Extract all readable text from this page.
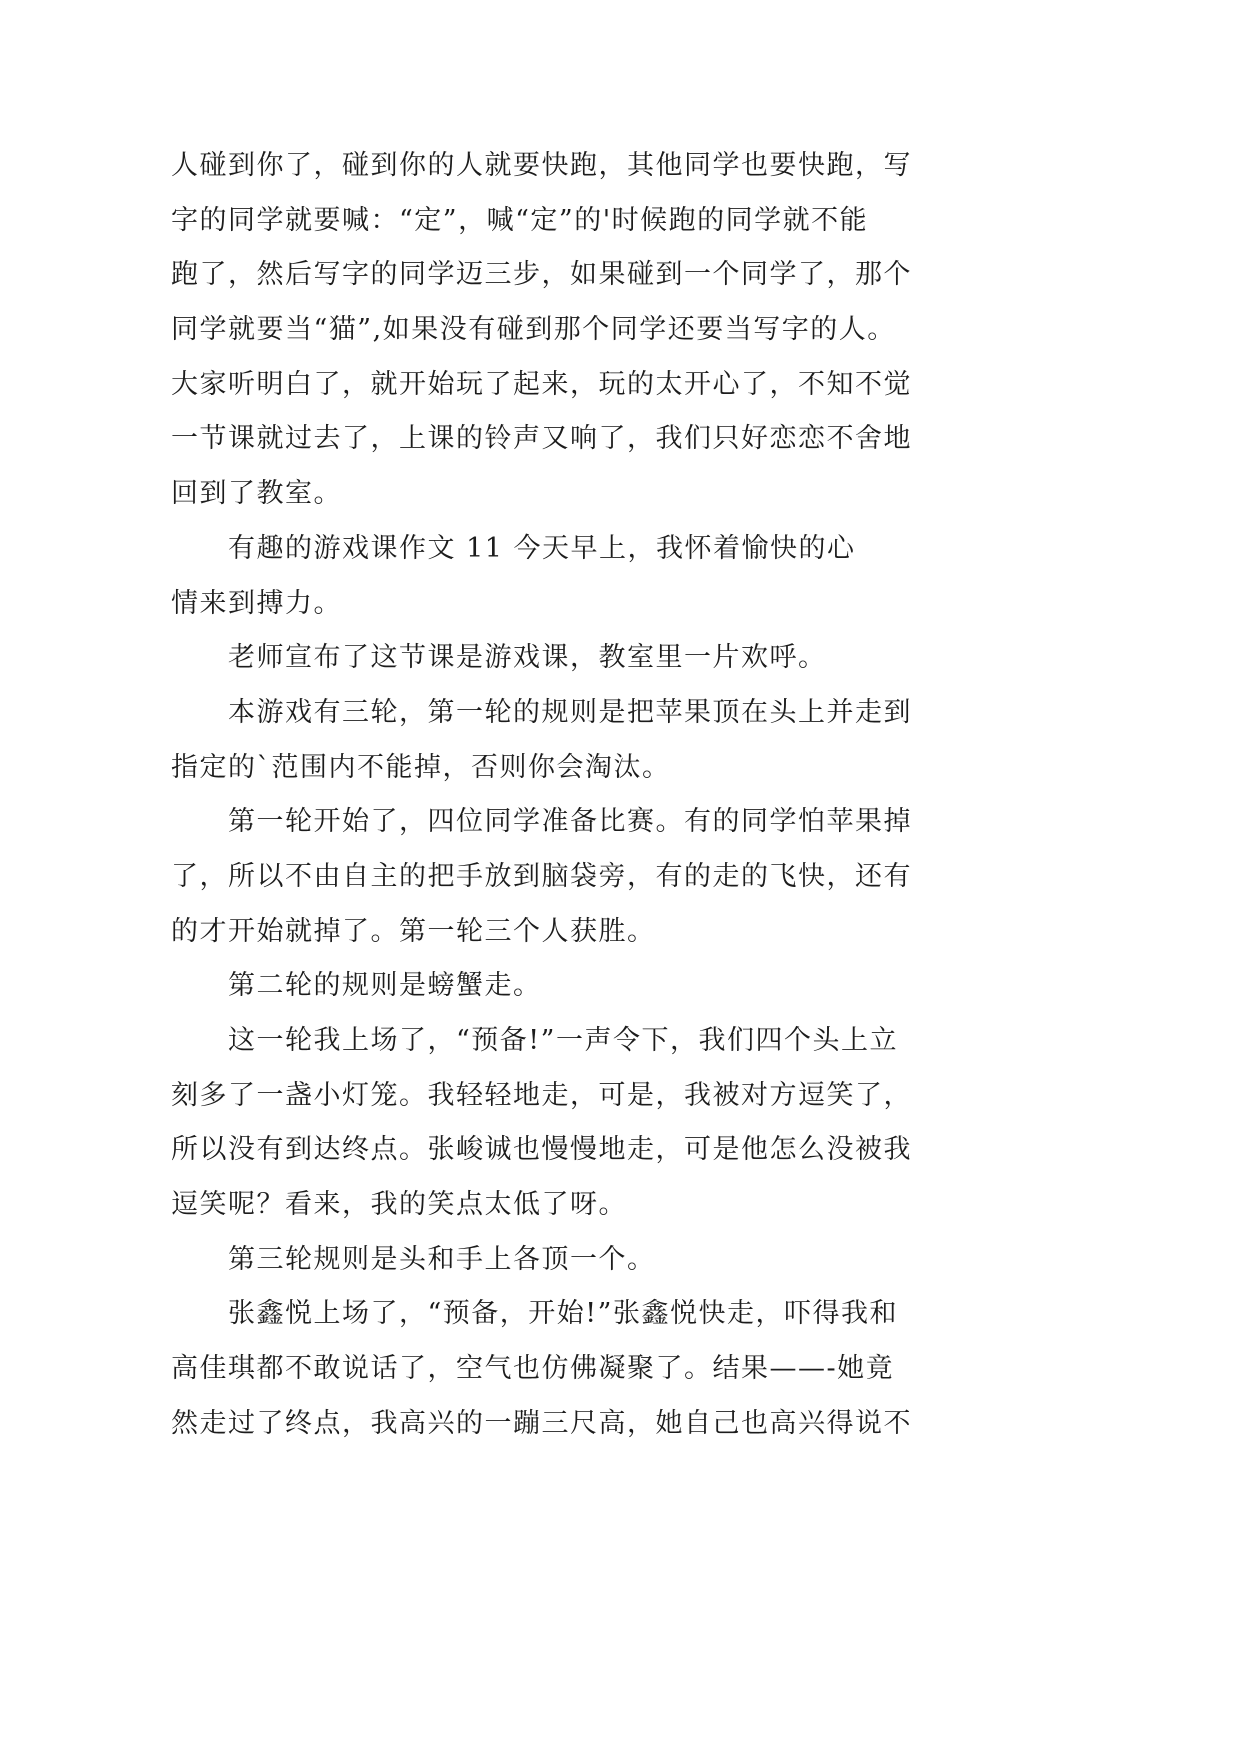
人碰到你了，碰到你的人就要快跑，其他同学也要快跑，写
字的同学就要喊：“定”，喊“定”的'时候跑的同学就不能
跑了，然后写字的同学迈三步，如果碰到一个同学了，那个
同学就要当“猫”,如果没有碰到那个同学还要当写字的人。
大家听明白了，就开始玩了起来，玩的太开心了，不知不觉
一节课就过去了，上课的铃声又响了，我们只好恋恋不舍地
回到了教室。
有趣的游戏课作文 11 今天早上，我怀着愉快的心
情来到搏力。
老师宣布了这节课是游戏课，教室里一片欢呼。
本游戏有三轮，第一轮的规则是把苹果顶在头上并走到
指定的`范围内不能掉，否则你会淘汰。
第一轮开始了，四位同学准备比赛。有的同学怕苹果掉
了，所以不由自主的把手放到脑袋旁，有的走的飞快，还有
的才开始就掉了。第一轮三个人获胜。
第二轮的规则是螃蟹走。
这一轮我上场了，“预备!”一声令下，我们四个头上立
刻多了一盏小灯笼。我轻轻地走，可是，我被对方逗笑了，
所以没有到达终点。张峻诚也慢慢地走，可是他怎么没被我
逗笑呢？看来，我的笑点太低了呀。
第三轮规则是头和手上各顶一个。
张鑫悦上场了，“预备，开始!”张鑫悦快走，吓得我和
高佳琪都不敢说话了，空气也仿佛凝聚了。结果——-她竟
然走过了终点，我高兴的一蹦三尺高，她自己也高兴得说不
